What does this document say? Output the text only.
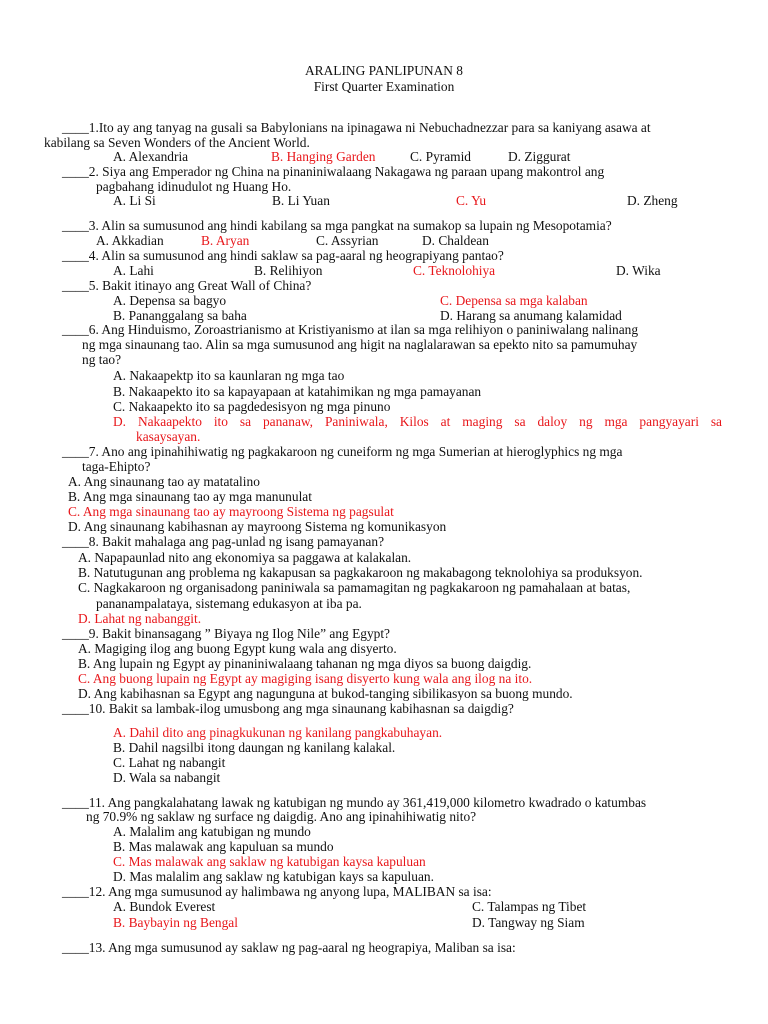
ARALING PANLIPUNAN 8
First Quarter Examination
____1.Ito ay ang tanyag na gusali sa Babylonians na ipinagawa ni Nebuchadnezzar para sa kaniyang asawa at
kabilang sa Seven Wonders of the Ancient World.
A. Alexandria	B. Hanging Garden	C. Pyramid	D. Ziggurat
____2. Siya ang Emperador ng China na pinaniniwalaang Nakagawa ng paraan upang makontrol ang
pagbahang idinudulot ng Huang Ho.
A. Li Si	B. Li Yuan	C. Yu	D. Zheng
____3. Alin sa sumusunod ang hindi kabilang sa mga pangkat na sumakop sa lupain ng Mesopotamia?
A. Akkadian	B. Aryan	C. Assyrian	D. Chaldean
____4. Alin sa sumusunod ang hindi saklaw sa pag-aaral ng heograpiyang pantao?
A. Lahi	B. Relihiyon	C. Teknolohiya	D. Wika
____5. Bakit itinayo ang Great Wall of China?
A. Depensa sa bagyo	C. Depensa sa mga kalaban
B. Pananggalang sa baha	D. Harang sa anumang kalamidad
____6. Ang Hinduismo, Zoroastrianismo at Kristiyanismo at ilan sa mga relihiyon o paniniwalang nalinang
ng mga sinaunang tao. Alin sa mga sumusunod ang higit na naglalarawan sa epekto nito sa pamumuhay
ng tao?
A. Nakaapektp ito sa kaunlaran ng mga tao
B. Nakaapekto ito sa kapayapaan at katahimikan ng mga pamayanan
C. Nakaapekto ito sa pagdedesisyon ng mga pinuno
D. Nakaapekto ito sa pananaw, Paniniwala, Kilos at maging sa daloy ng mga pangyayari sa
kasaysayan.
____7. Ano ang ipinahihiwatig ng pagkakaroon ng cuneiform ng mga Sumerian at hieroglyphics ng mga
taga-Ehipto?
A. Ang sinaunang tao ay matatalino
B. Ang mga sinaunang tao ay mga manunulat
C. Ang mga sinaunang tao ay mayroong Sistema ng pagsulat
D. Ang sinaunang kabihasnan ay mayroong Sistema ng komunikasyon
____8. Bakit mahalaga ang pag-unlad ng isang pamayanan?
A. Napapaunlad nito ang ekonomiya sa paggawa at kalakalan.
B. Natutugunan ang problema ng kakapusan sa pagkakaroon ng makabagong teknolohiya sa produksyon.
C. Nagkakaroon ng organisadong paniniwala sa pamamagitan ng pagkakaroon ng pamahalaan at batas,
pananampalataya, sistemang edukasyon at iba pa.
D. Lahat ng nabanggit.
____9. Bakit binansagang ” Biyaya ng Ilog Nile” ang Egypt?
A. Magiging ilog ang buong Egypt kung wala ang disyerto.
B. Ang lupain ng Egypt ay pinaniniwalaang tahanan ng mga diyos sa buong daigdig.
C. Ang buong lupain ng Egypt ay magiging isang disyerto kung wala ang ilog na ito.
D. Ang kabihasnan sa Egypt ang nagunguna at bukod-tanging sibilikasyon sa buong mundo.
____10. Bakit sa lambak-ilog umusbong ang mga sinaunang kabihasnan sa daigdig?
A. Dahil dito ang pinagkukunan ng kanilang pangkabuhayan.
B. Dahil nagsilbi itong daungan ng kanilang kalakal.
C. Lahat ng nabangit
D. Wala sa nabangit
____11. Ang pangkalahatang lawak ng katubigan ng mundo ay 361,419,000 kilometro kwadrado o katumbas
ng 70.9% ng saklaw ng surface ng daigdig. Ano ang ipinahihiwatig nito?
A. Malalim ang katubigan ng mundo
B. Mas malawak ang kapuluan sa mundo
C. Mas malawak ang saklaw ng katubigan kaysa kapuluan
D. Mas malalim ang saklaw ng katubigan kays sa kapuluan.
____12. Ang mga sumusunod ay halimbawa ng anyong lupa, MALIBAN sa isa:
A. Bundok Everest	C. Talampas ng Tibet
B. Baybayin ng Bengal	D. Tangway ng Siam
____13. Ang mga sumusunod ay saklaw ng pag-aaral ng heograpiya, Maliban sa isa:
